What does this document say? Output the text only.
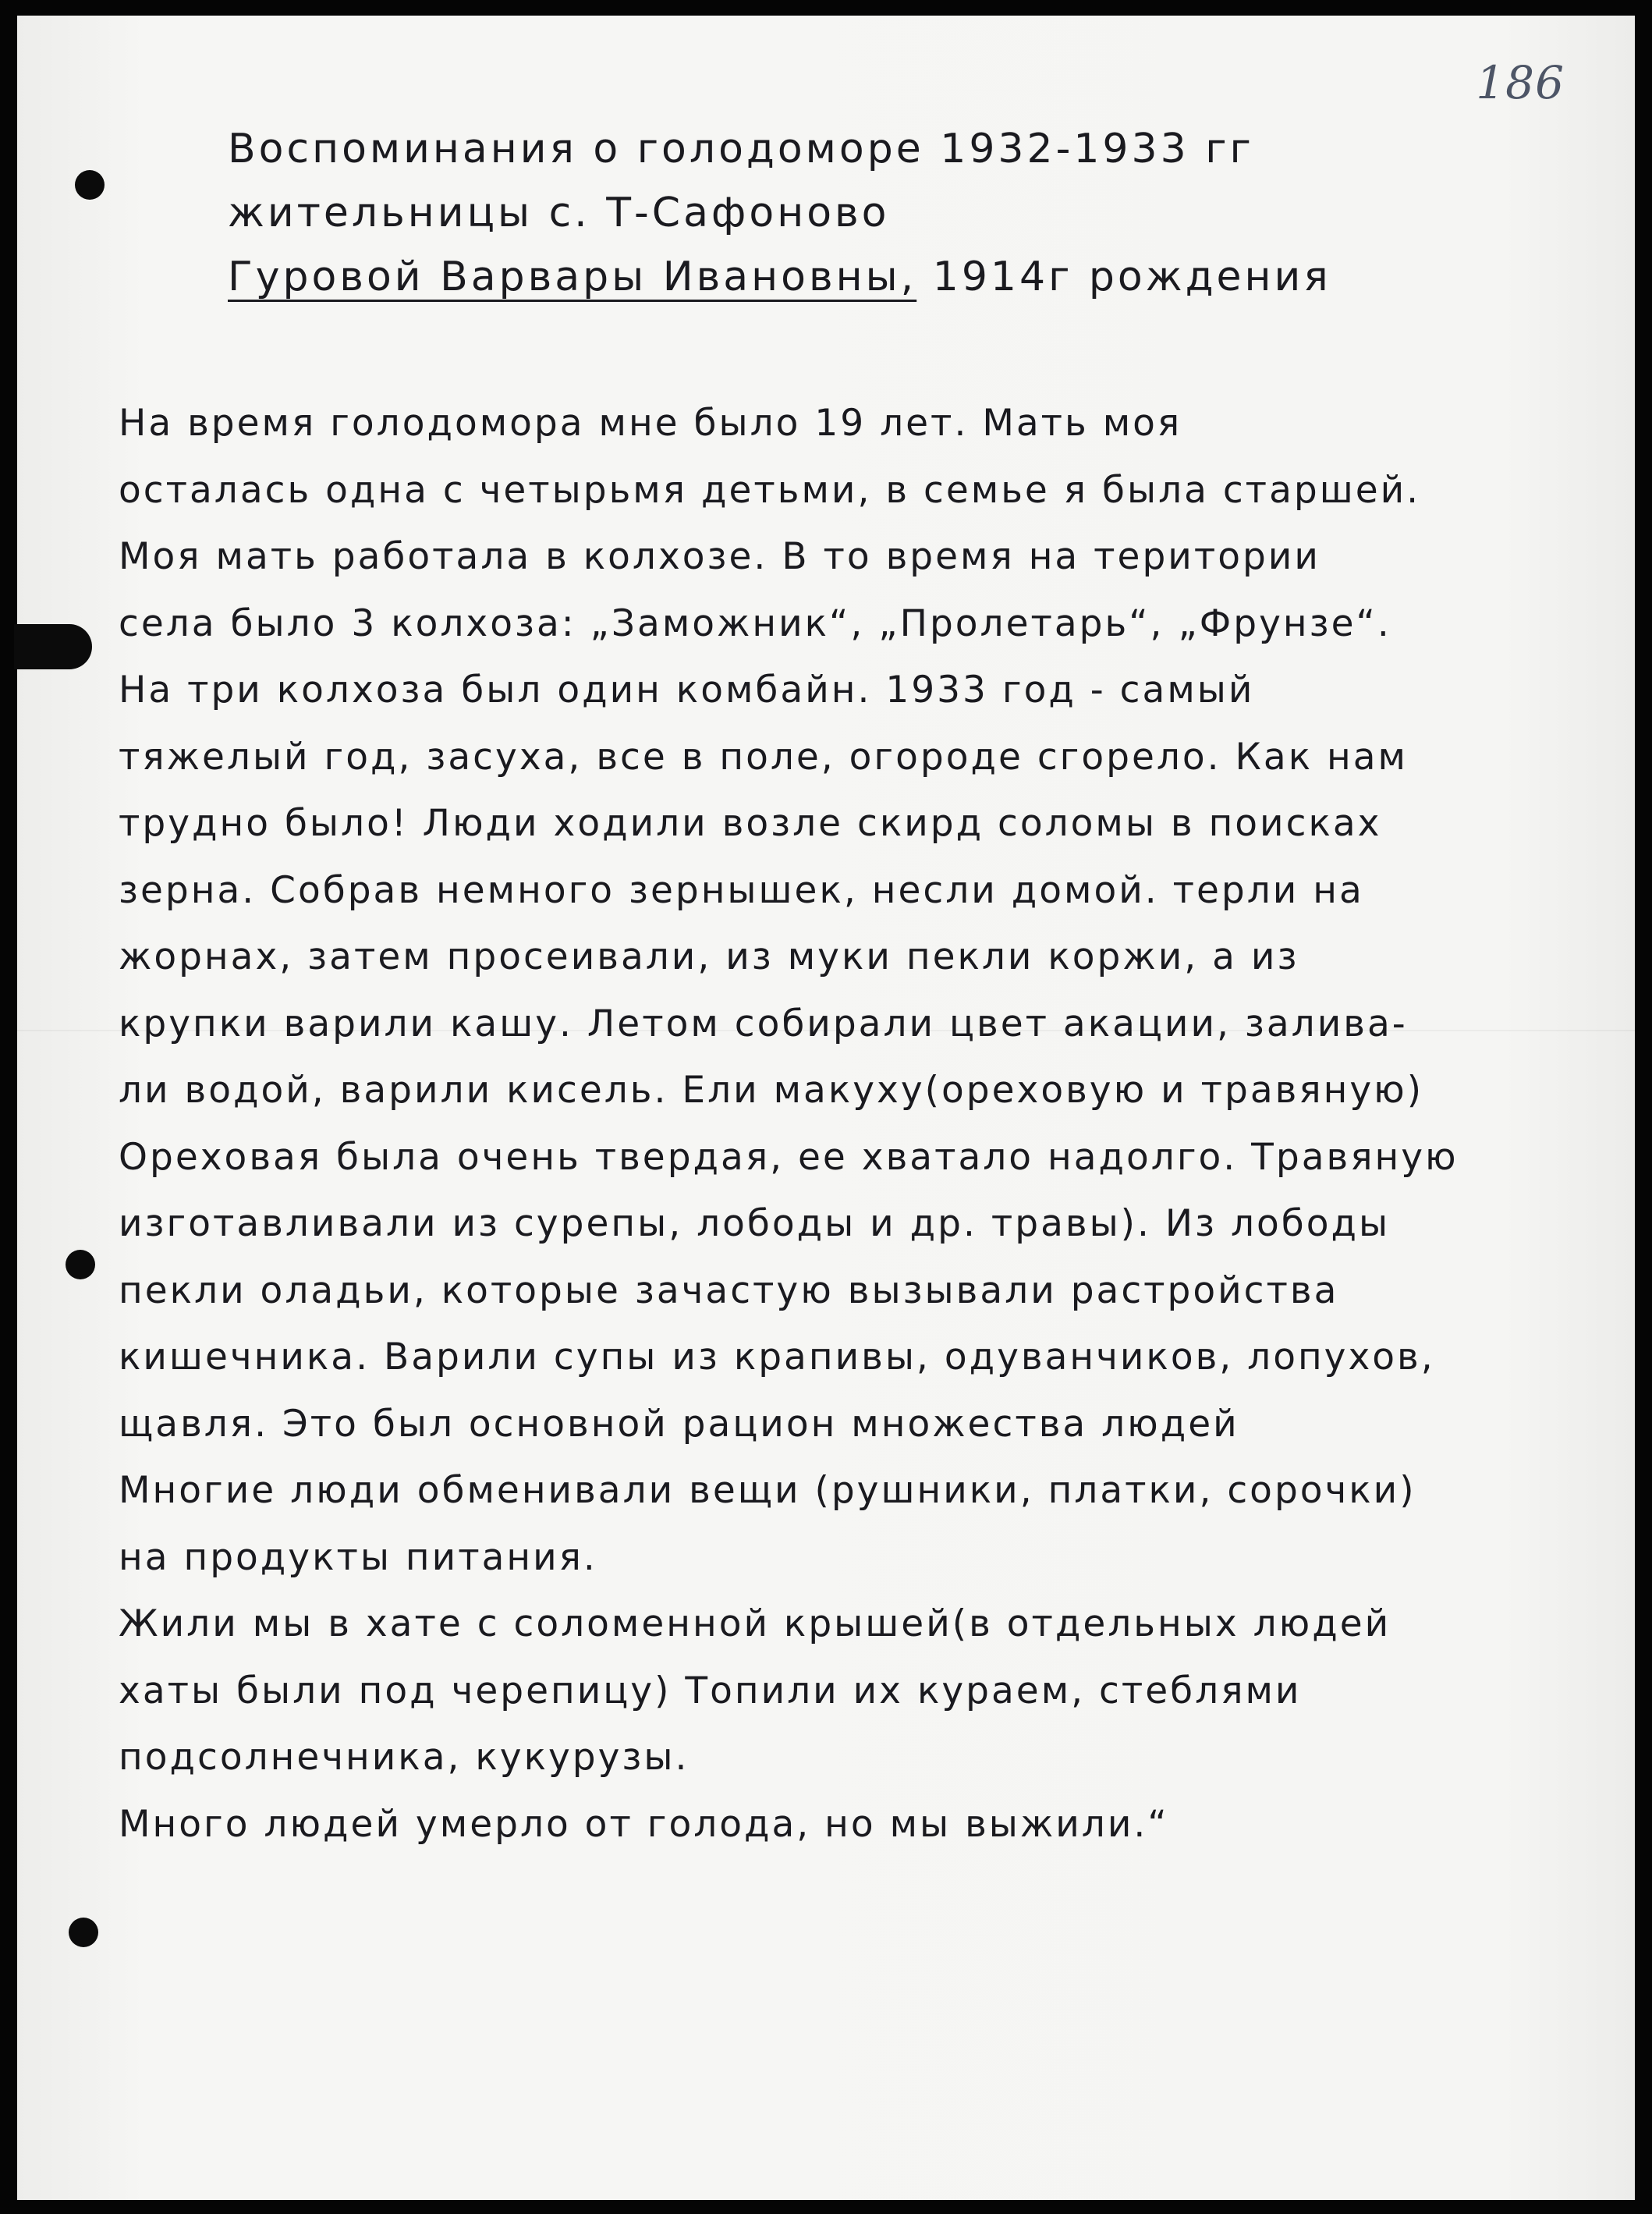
186
Воспоминания о голодоморе 1932-1933 гг
жительницы с. Т-Сафоново
Гуровой Варвары Ивановны, 1914г рождения
На время голодомора мне было 19 лет. Мать моя
осталась одна с четырьмя детьми, в семье я была старшей.
Моя мать работала в колхозе. В то время на територии
села было 3 колхоза: „Заможник“, „Пролетарь“, „Фрунзе“.
На три колхоза был один комбайн. 1933 год - самый
тяжелый год, засуха, все в поле, огороде сгорело. Как нам
трудно было! Люди ходили возле скирд соломы в поисках
зерна. Собрав немного зернышек, несли домой. терли на
жорнах, затем просеивали, из муки пекли коржи, а из
крупки варили кашу. Летом собирали цвет акации, залива-
ли водой, варили кисель. Ели макуху(ореховую и травяную)
Ореховая была очень твердая, ее хватало надолго. Травяную
изготавливали из сурепы, лободы и др. травы). Из лободы
пекли оладьи, которые зачастую вызывали растройства
кишечника. Варили супы из крапивы, одуванчиков, лопухов,
щавля. Это был основной рацион множества людей
Многие люди обменивали вещи (рушники, платки, сорочки)
на продукты питания.
Жили мы в хате с соломенной крышей(в отдельных людей
хаты были под черепицу) Топили их кураем, стеблями
подсолнечника, кукурузы.
Много людей умерло от голода, но мы выжили.“
